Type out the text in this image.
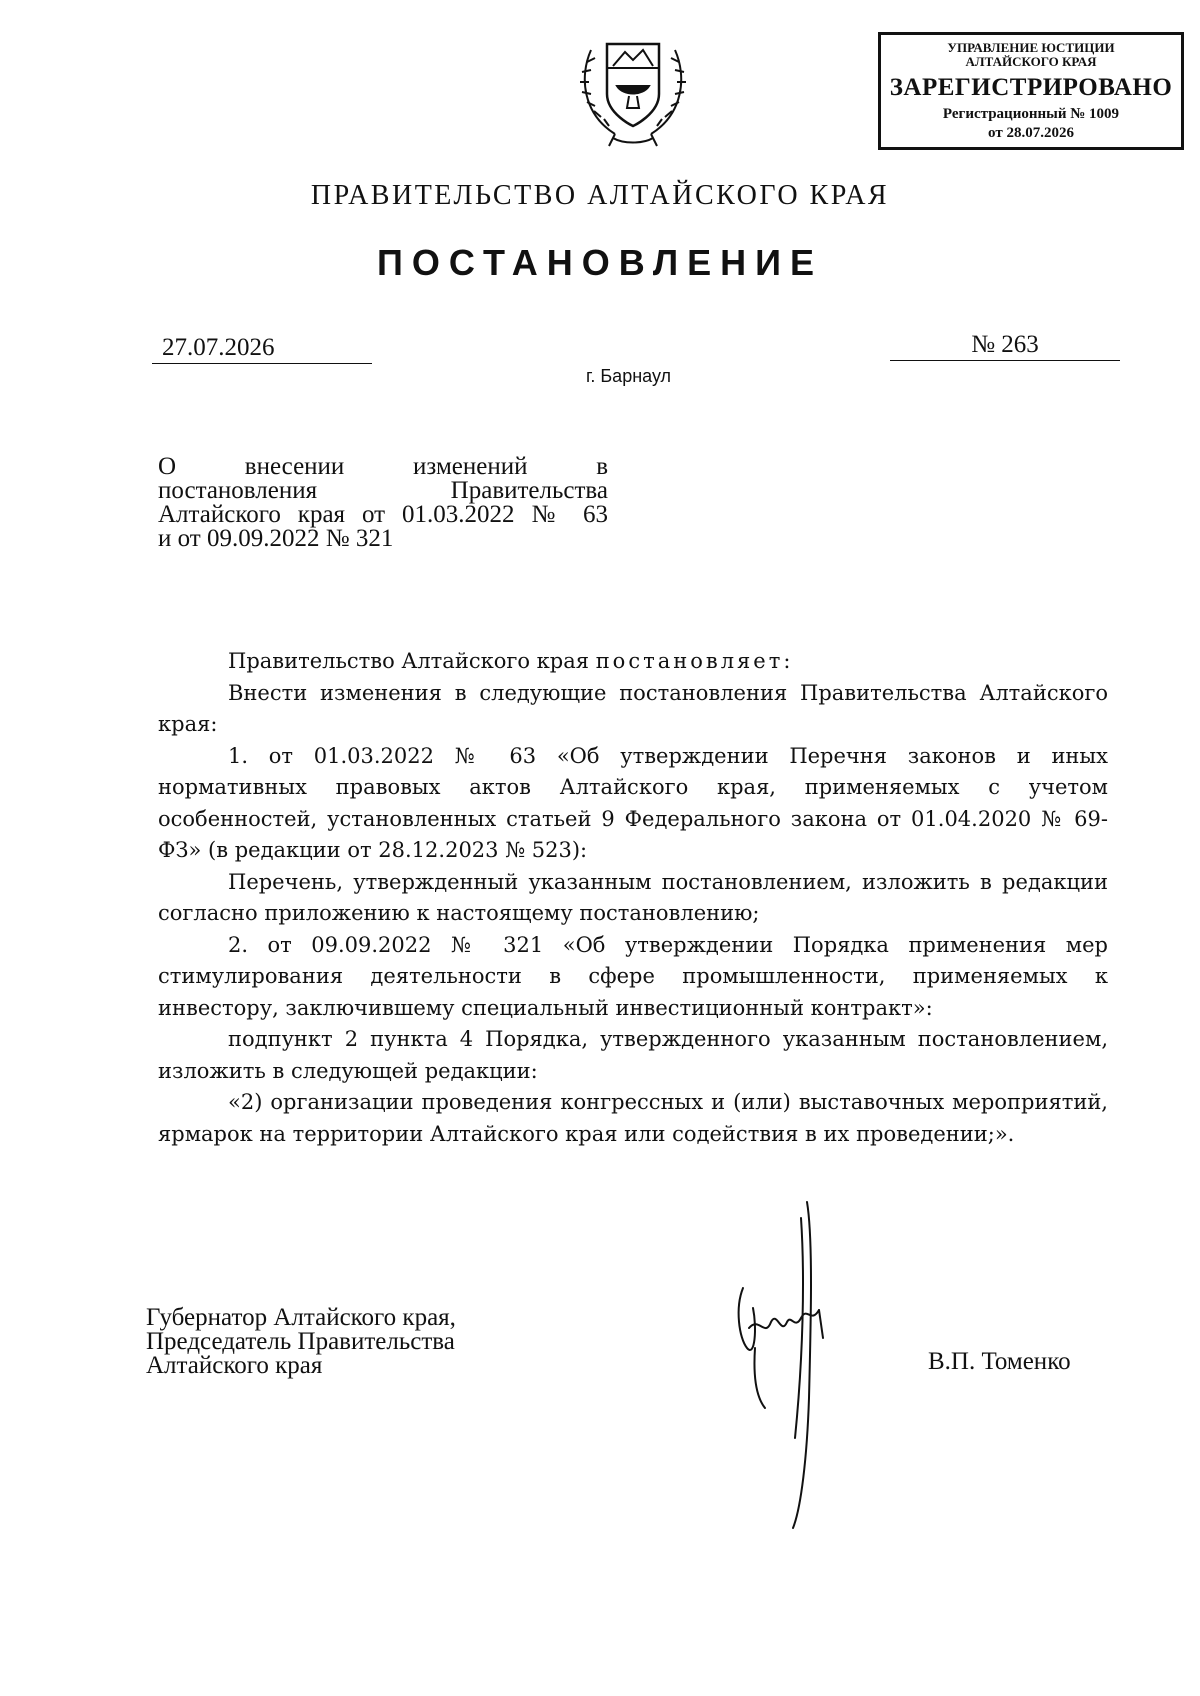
УПРАВЛЕНИЕ ЮСТИЦИИ
АЛТАЙСКОГО КРАЯ
ЗАРЕГИСТРИРОВАНО
Регистрационный № 1009
от 28.07.2026
ПРАВИТЕЛЬСТВО АЛТАЙСКОГО КРАЯ
ПОСТАНОВЛЕНИЕ
27.07.2026	№ 263
г. Барнаул
О внесении изменений в
постановления Правительства
Алтайского края от 01.03.2022 № 63
и от 09.09.2022 № 321

Правительство Алтайского края постановляет:

Внести изменения в следующие постановления Правительства Алтайского края:

1. от 01.03.2022 № 63 «Об утверждении Перечня законов и иных нормативных правовых актов Алтайского края, применяемых с учетом особенностей, установленных статьей 9 Федерального закона от 01.04.2020 № 69-ФЗ» (в редакции от 28.12.2023 № 523):

Перечень, утвержденный указанным постановлением, изложить в редакции согласно приложению к настоящему постановлению;

2. от 09.09.2022 № 321 «Об утверждении Порядка применения мер стимулирования деятельности в сфере промышленности, применяемых к инвестору, заключившему специальный инвестиционный контракт»:

подпункт 2 пункта 4 Порядка, утвержденного указанным постановлением, изложить в следующей редакции:

«2) организации проведения конгрессных и (или) выставочных мероприятий, ярмарок на территории Алтайского края или содействия в их проведении;».

Губернатор Алтайского края,
Председатель Правительства
Алтайского края	В.П. Томенко
